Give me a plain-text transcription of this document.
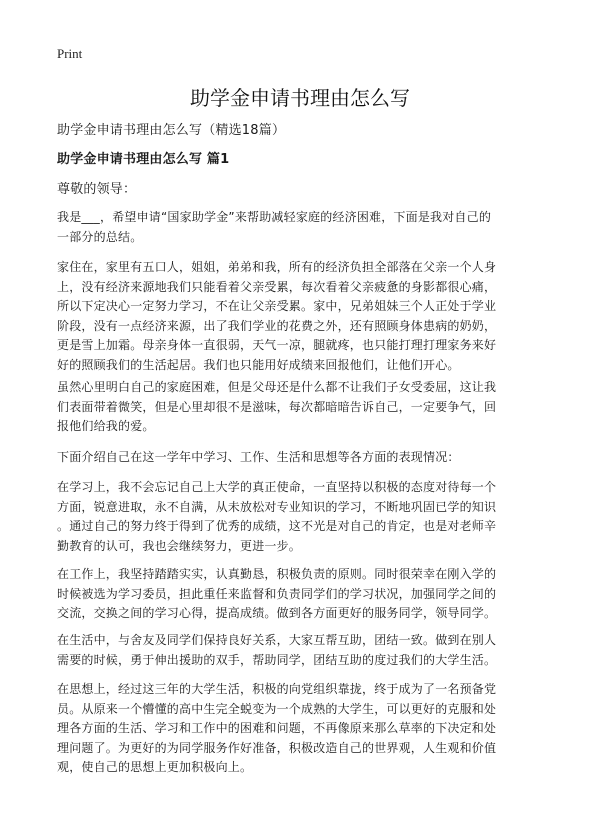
Print
助学金申请书理由怎么写
助学金申请书理由怎么写（精选18篇）
助学金申请书理由怎么写 篇1
尊敬的领导：
我是___，希望申请“国家助学金”来帮助减轻家庭的经济困难，下面是我对自己的
一部分的总结。
家住在，家里有五口人，姐姐，弟弟和我，所有的经济负担全部落在父亲一个人身
上，没有经济来源地我们只能看着父亲受累，每次看着父亲疲惫的身影都很心痛，
所以下定决心一定努力学习，不在让父亲受累。家中，兄弟姐妹三个人正处于学业
阶段，没有一点经济来源，出了我们学业的花费之外，还有照顾身体患病的奶奶，
更是雪上加霜。母亲身体一直很弱，天气一凉，腿就疼，也只能打理打理家务来好
好的照顾我们的生活起居。我们也只能用好成绩来回报他们，让他们开心。
虽然心里明白自己的家庭困难，但是父母还是什么都不让我们子女受委屈，这让我
们表面带着微笑，但是心里却很不是滋味，每次都暗暗告诉自己，一定要争气，回
报他们给我的爱。
下面介绍自己在这一学年中学习、工作、生活和思想等各方面的表现情况：
在学习上，我不会忘记自己上大学的真正使命，一直坚持以积极的态度对待每一个
方面，锐意进取，永不自满，从未放松对专业知识的学习，不断地巩固已学的知识
。通过自己的努力终于得到了优秀的成绩，这不光是对自己的肯定，也是对老师辛
勤教育的认可，我也会继续努力，更进一步。
在工作上，我坚持踏踏实实，认真勤恳，积极负责的原则。同时很荣幸在刚入学的
时候被选为学习委员，担此重任来监督和负责同学们的学习状况，加强同学之间的
交流，交换之间的学习心得，提高成绩。做到各方面更好的服务同学，领导同学。
在生活中，与舍友及同学们保持良好关系，大家互帮互助，团结一致。做到在别人
需要的时候，勇于伸出援助的双手，帮助同学，团结互助的度过我们的大学生活。
在思想上，经过这三年的大学生活，积极的向党组织靠拢，终于成为了一名预备党
员。从原来一个懵懂的高中生完全蜕变为一个成熟的大学生，可以更好的克服和处
理各方面的生活、学习和工作中的困难和问题，不再像原来那么草率的下决定和处
理问题了。为更好的为同学服务作好准备，积极改造自己的世界观，人生观和价值
观，使自己的思想上更加积极向上。
